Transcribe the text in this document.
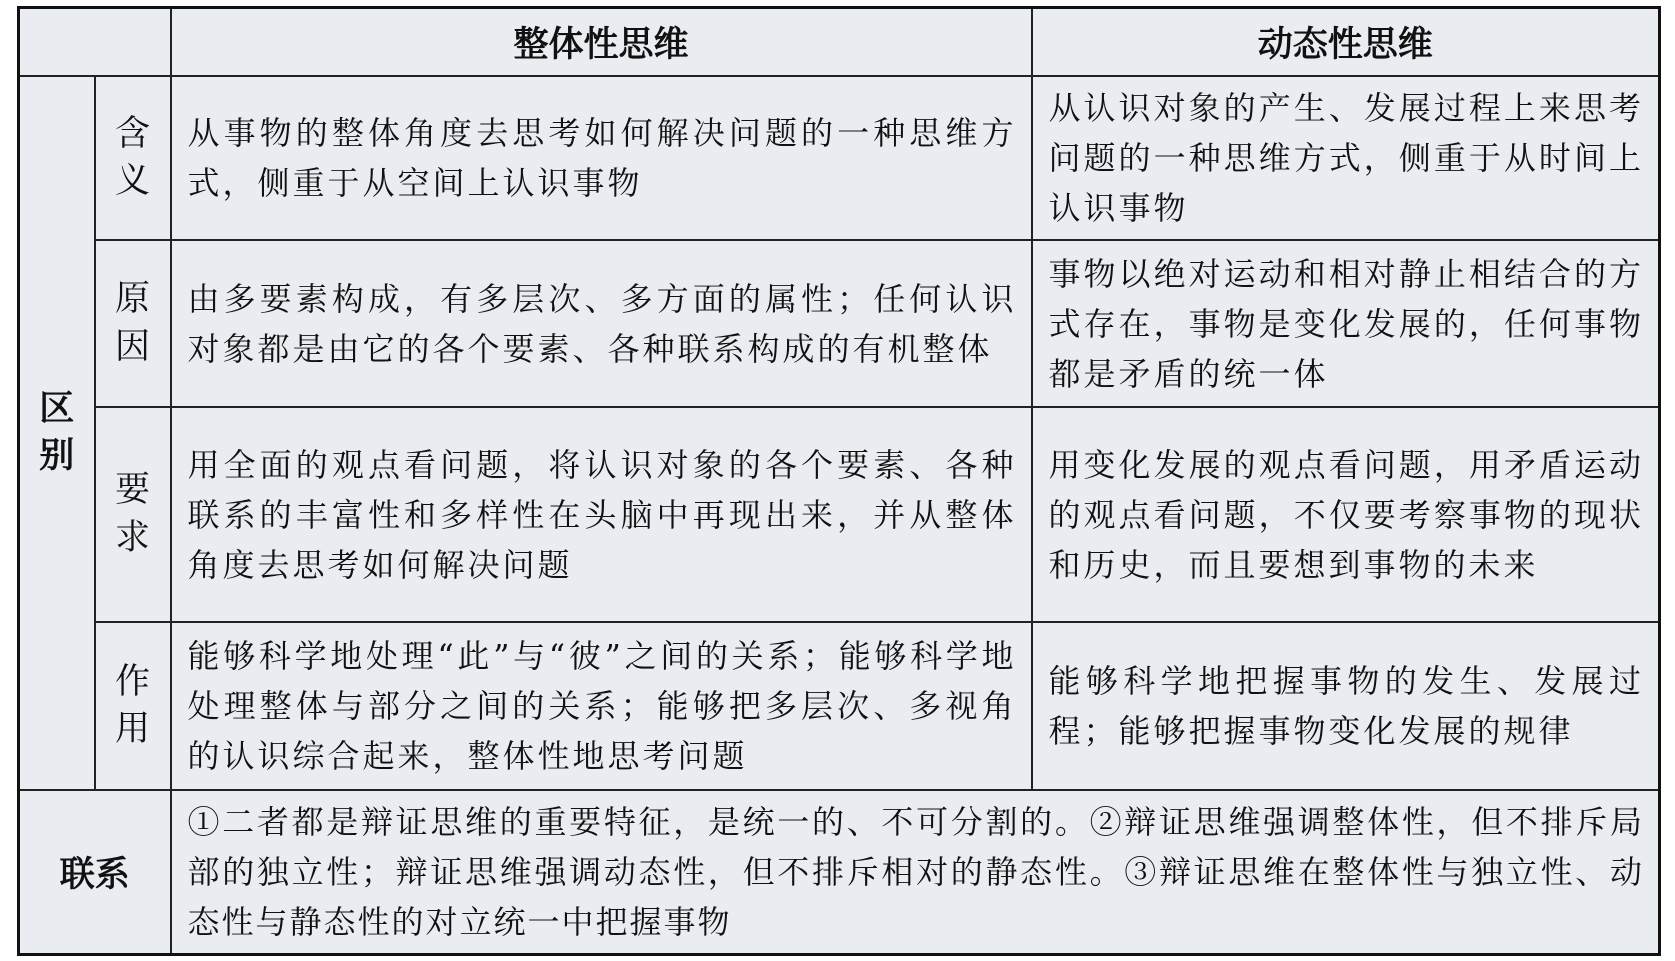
		整体性思维	动态性思维
区别	含义	从事物的整体角度去思考如何解决问题的一种思维方式，侧重于从空间上认识事物	从认识对象的产生、发展过程上来思考问题的一种思维方式，侧重于从时间上认识事物
	原因	由多要素构成，有多层次、多方面的属性；任何认识对象都是由它的各个要素、各种联系构成的有机整体	事物以绝对运动和相对静止相结合的方式存在，事物是变化发展的，任何事物都是矛盾的统一体
	要求	用全面的观点看问题，将认识对象的各个要素、各种联系的丰富性和多样性在头脑中再现出来，并从整体角度去思考如何解决问题	用变化发展的观点看问题，用矛盾运动的观点看问题，不仅要考察事物的现状和历史，而且要想到事物的未来
	作用	能够科学地处理“此”与“彼”之间的关系；能够科学地处理整体与部分之间的关系；能够把多层次、多视角的认识综合起来，整体性地思考问题	能够科学地把握事物的发生、发展过程；能够把握事物变化发展的规律
联系		①二者都是辩证思维的重要特征，是统一的、不可分割的。②辩证思维强调整体性，但不排斥局部的独立性；辩证思维强调动态性，但不排斥相对的静态性。③辩证思维在整体性与独立性、动态性与静态性的对立统一中把握事物	
